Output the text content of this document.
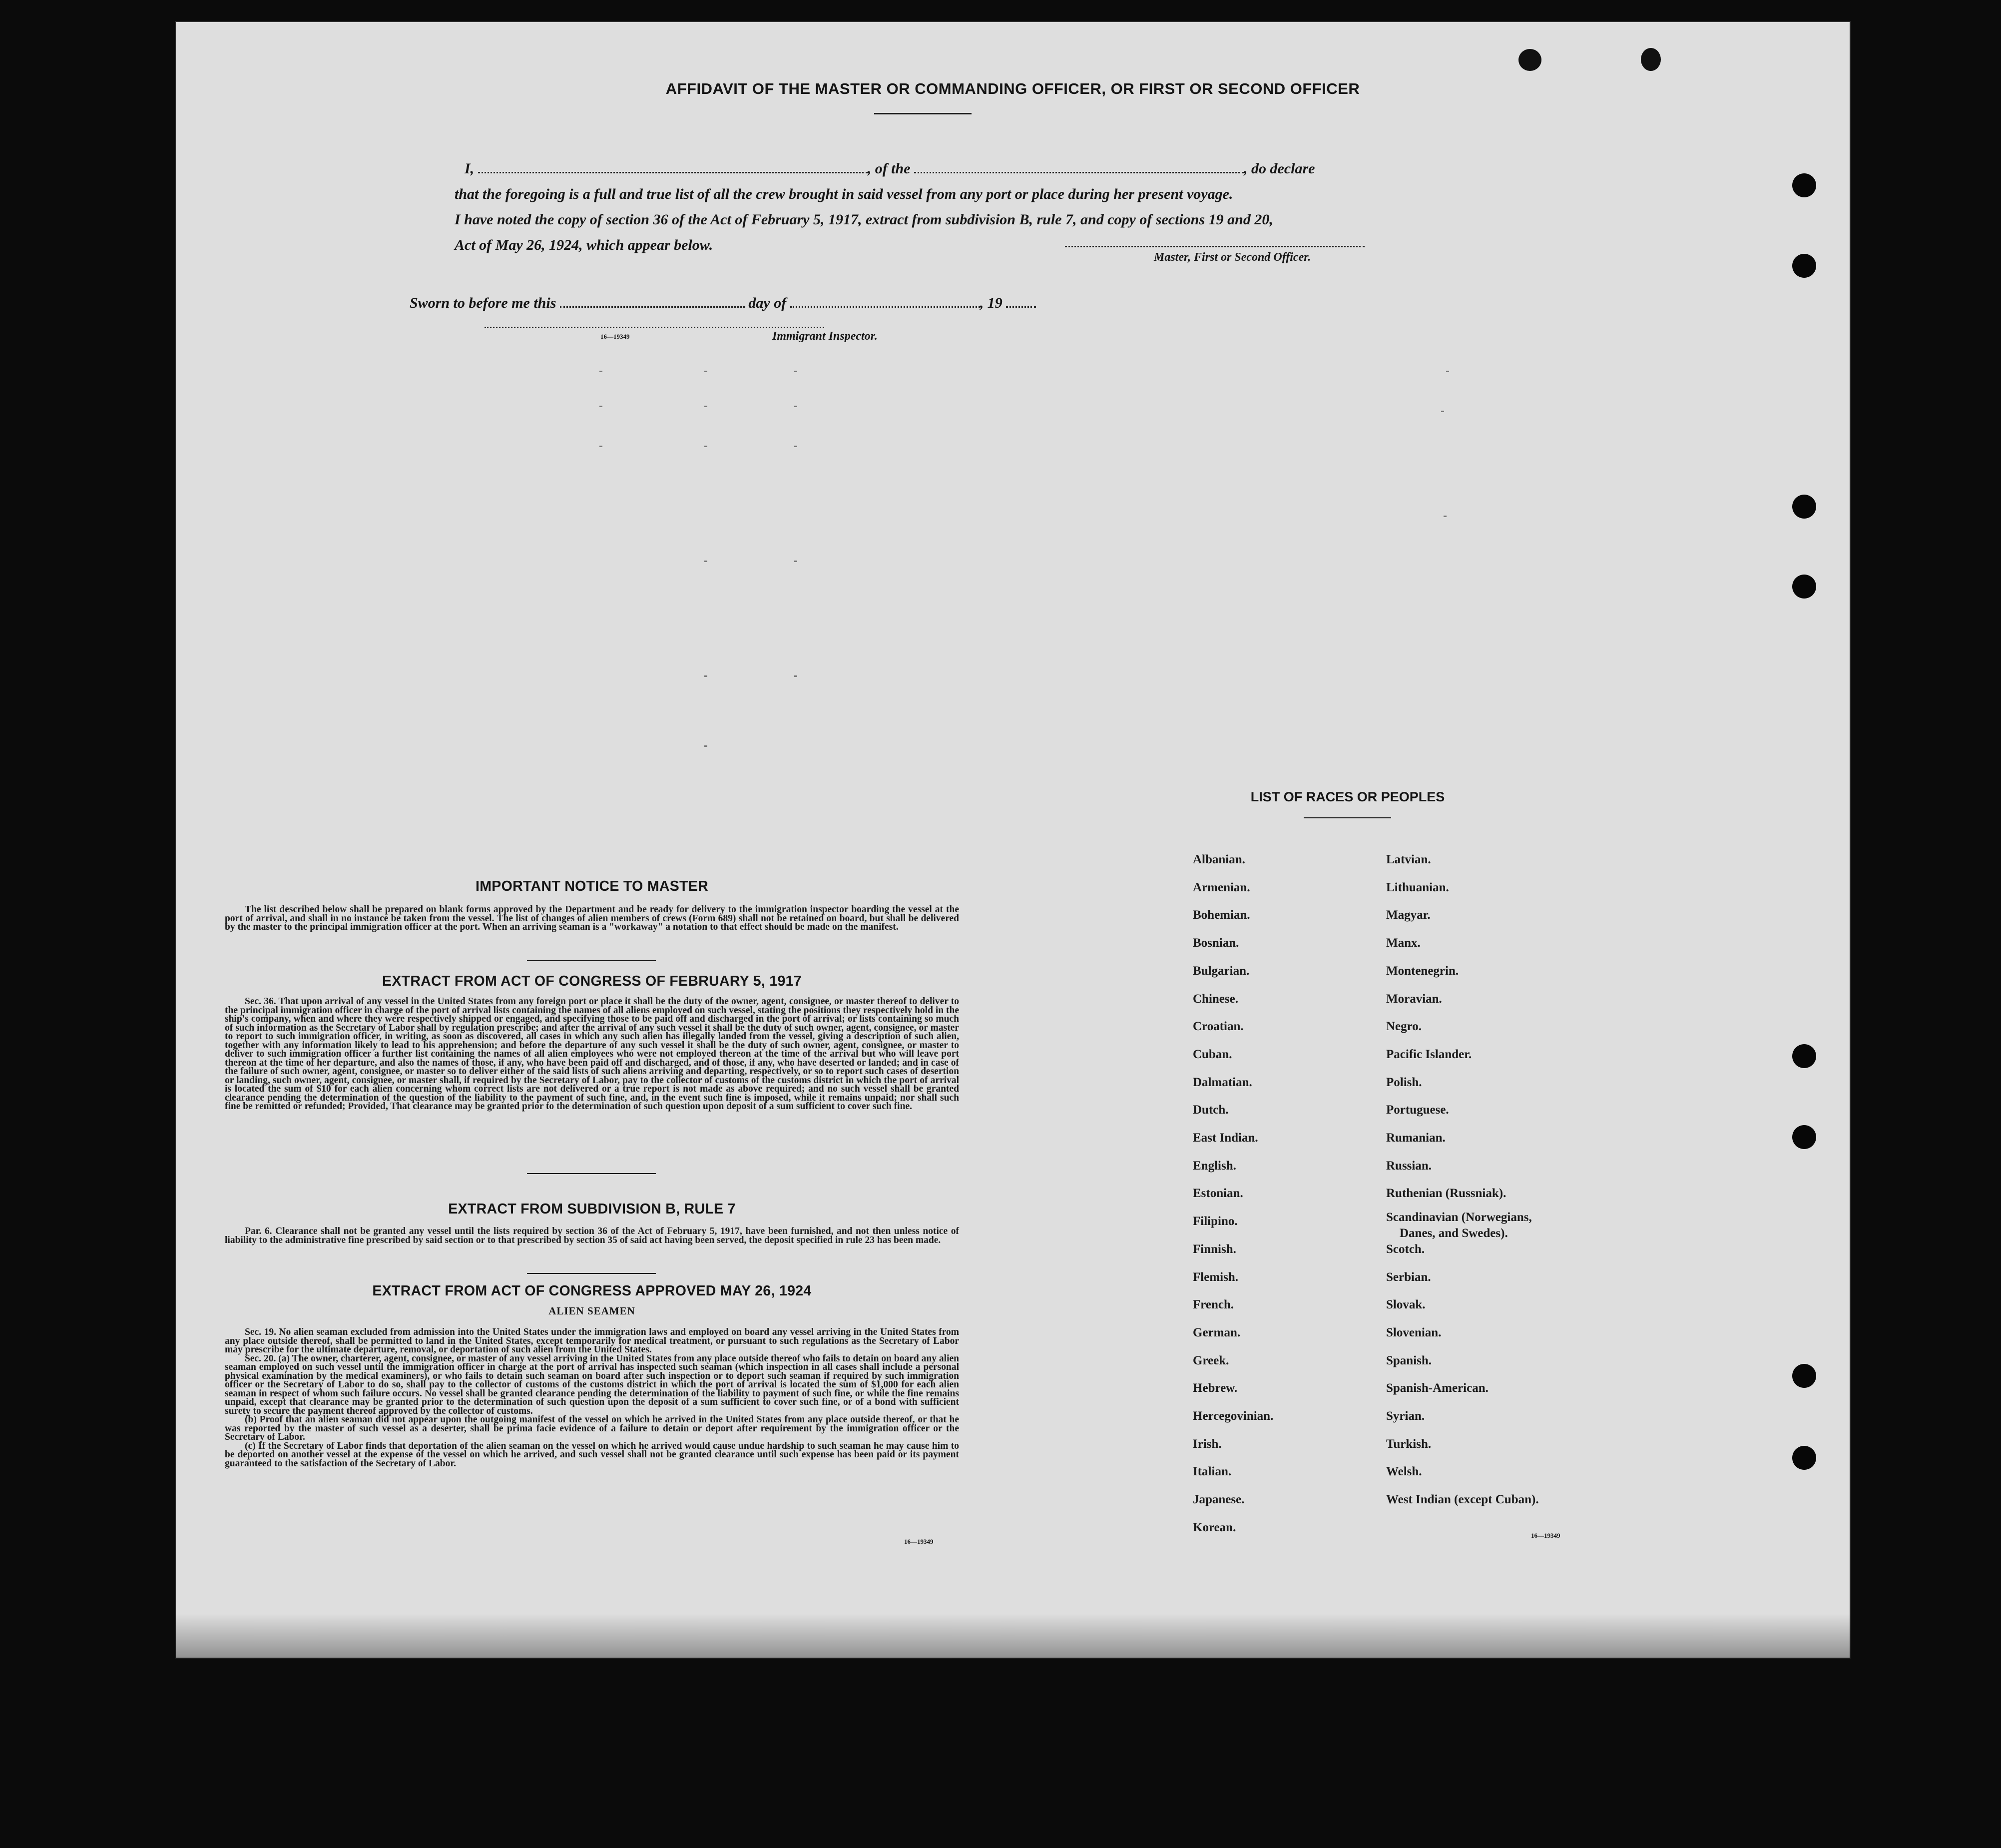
AFFIDAVIT OF THE MASTER OR COMMANDING OFFICER, OR FIRST OR SECOND OFFICER
I,	, of the	, do declare
that the foregoing is a full and true list of all the crew brought in said vessel from any port or place during her present voyage.
I have noted the copy of section 36 of the Act of February 5, 1917, extract from subdivision B, rule 7, and copy of sections 19 and 20,
Act of May 26, 1924, which appear below.
Master, First or Second Officer.
Sworn to before me this	day of	, 19
16—19349	Immigrant Inspector.
IMPORTANT NOTICE TO MASTER

The list described below shall be prepared on blank forms approved by the Department and be ready for delivery to the immigration inspector boarding the vessel at the port of arrival, and shall in no instance be taken from the vessel. The list of changes of alien members of crews (Form 689) shall not be retained on board, but shall be delivered by the master to the principal immigration officer at the port. When an arriving seaman is a "workaway" a notation to that effect should be made on the manifest.

EXTRACT FROM ACT OF CONGRESS OF FEBRUARY 5, 1917

Sec. 36. That upon arrival of any vessel in the United States from any foreign port or place it shall be the duty of the owner, agent, consignee, or master thereof to deliver to the principal immigration officer in charge of the port of arrival lists containing the names of all aliens employed on such vessel, stating the positions they respectively hold in the ship's company, when and where they were respectively shipped or engaged, and specifying those to be paid off and discharged in the port of arrival; or lists containing so much of such information as the Secretary of Labor shall by regulation prescribe; and after the arrival of any such vessel it shall be the duty of such owner, agent, consignee, or master to report to such immigration officer, in writing, as soon as discovered, all cases in which any such alien has illegally landed from the vessel, giving a description of such alien, together with any information likely to lead to his apprehension; and before the departure of any such vessel it shall be the duty of such owner, agent, consignee, or master to deliver to such immigration officer a further list containing the names of all alien employees who were not employed thereon at the time of the arrival but who will leave port thereon at the time of her departure, and also the names of those, if any, who have been paid off and discharged, and of those, if any, who have deserted or landed; and in case of the failure of such owner, agent, consignee, or master so to deliver either of the said lists of such aliens arriving and departing, respectively, or so to report such cases of desertion or landing, such owner, agent, consignee, or master shall, if required by the Secretary of Labor, pay to the collector of customs of the customs district in which the port of arrival is located the sum of $10 for each alien concerning whom correct lists are not delivered or a true report is not made as above required; and no such vessel shall be granted clearance pending the determination of the question of the liability to the payment of such fine, and, in the event such fine is imposed, while it remains unpaid; nor shall such fine be remitted or refunded; Provided, That clearance may be granted prior to the determination of such question upon deposit of a sum sufficient to cover such fine.

EXTRACT FROM SUBDIVISION B, RULE 7

Par. 6. Clearance shall not be granted any vessel until the lists required by section 36 of the Act of February 5, 1917, have been furnished, and not then unless notice of liability to the administrative fine prescribed by said section or to that prescribed by section 35 of said act having been served, the deposit specified in rule 23 has been made.

EXTRACT FROM ACT OF CONGRESS APPROVED MAY 26, 1924
ALIEN SEAMEN

Sec. 19. No alien seaman excluded from admission into the United States under the immigration laws and employed on board any vessel arriving in the United States from any place outside thereof, shall be permitted to land in the United States, except temporarily for medical treatment, or pursuant to such regulations as the Secretary of Labor may prescribe for the ultimate departure, removal, or deportation of such alien from the United States.

Sec. 20. (a) The owner, charterer, agent, consignee, or master of any vessel arriving in the United States from any place outside thereof who fails to detain on board any alien seaman employed on such vessel until the immigration officer in charge at the port of arrival has inspected such seaman (which inspection in all cases shall include a personal physical examination by the medical examiners), or who fails to detain such seaman on board after such inspection or to deport such seaman if required by such immigration officer or the Secretary of Labor to do so, shall pay to the collector of customs of the customs district in which the port of arrival is located the sum of $1,000 for each alien seaman in respect of whom such failure occurs. No vessel shall be granted clearance pending the determination of the liability to payment of such fine, or while the fine remains unpaid, except that clearance may be granted prior to the determination of such question upon the deposit of a sum sufficient to cover such fine, or of a bond with sufficient surety to secure the payment thereof approved by the collector of customs.

(b) Proof that an alien seaman did not appear upon the outgoing manifest of the vessel on which he arrived in the United States from any place outside thereof, or that he was reported by the master of such vessel as a deserter, shall be prima facie evidence of a failure to detain or deport after requirement by the immigration officer or the Secretary of Labor.

(c) If the Secretary of Labor finds that deportation of the alien seaman on the vessel on which he arrived would cause undue hardship to such seaman he may cause him to be deported on another vessel at the expense of the vessel on which he arrived, and such vessel shall not be granted clearance until such expense has been paid or its payment guaranteed to the satisfaction of the Secretary of Labor.

16—19349
LIST OF RACES OR PEOPLES
Albanian.
Armenian.
Bohemian.
Bosnian.
Bulgarian.
Chinese.
Croatian.
Cuban.
Dalmatian.
Dutch.
East Indian.
English.
Estonian.
Filipino.
Finnish.
Flemish.
French.
German.
Greek.
Hebrew.
Hercegovinian.
Irish.
Italian.
Japanese.
Korean.
Latvian.
Lithuanian.
Magyar.
Manx.
Montenegrin.
Moravian.
Negro.
Pacific Islander.
Polish.
Portuguese.
Rumanian.
Russian.
Ruthenian (Russniak).
Scandinavian (Norwegians,
Danes, and Swedes).
Scotch.
Serbian.
Slovak.
Slovenian.
Spanish.
Spanish-American.
Syrian.
Turkish.
Welsh.
West Indian (except Cuban).
16—19349
